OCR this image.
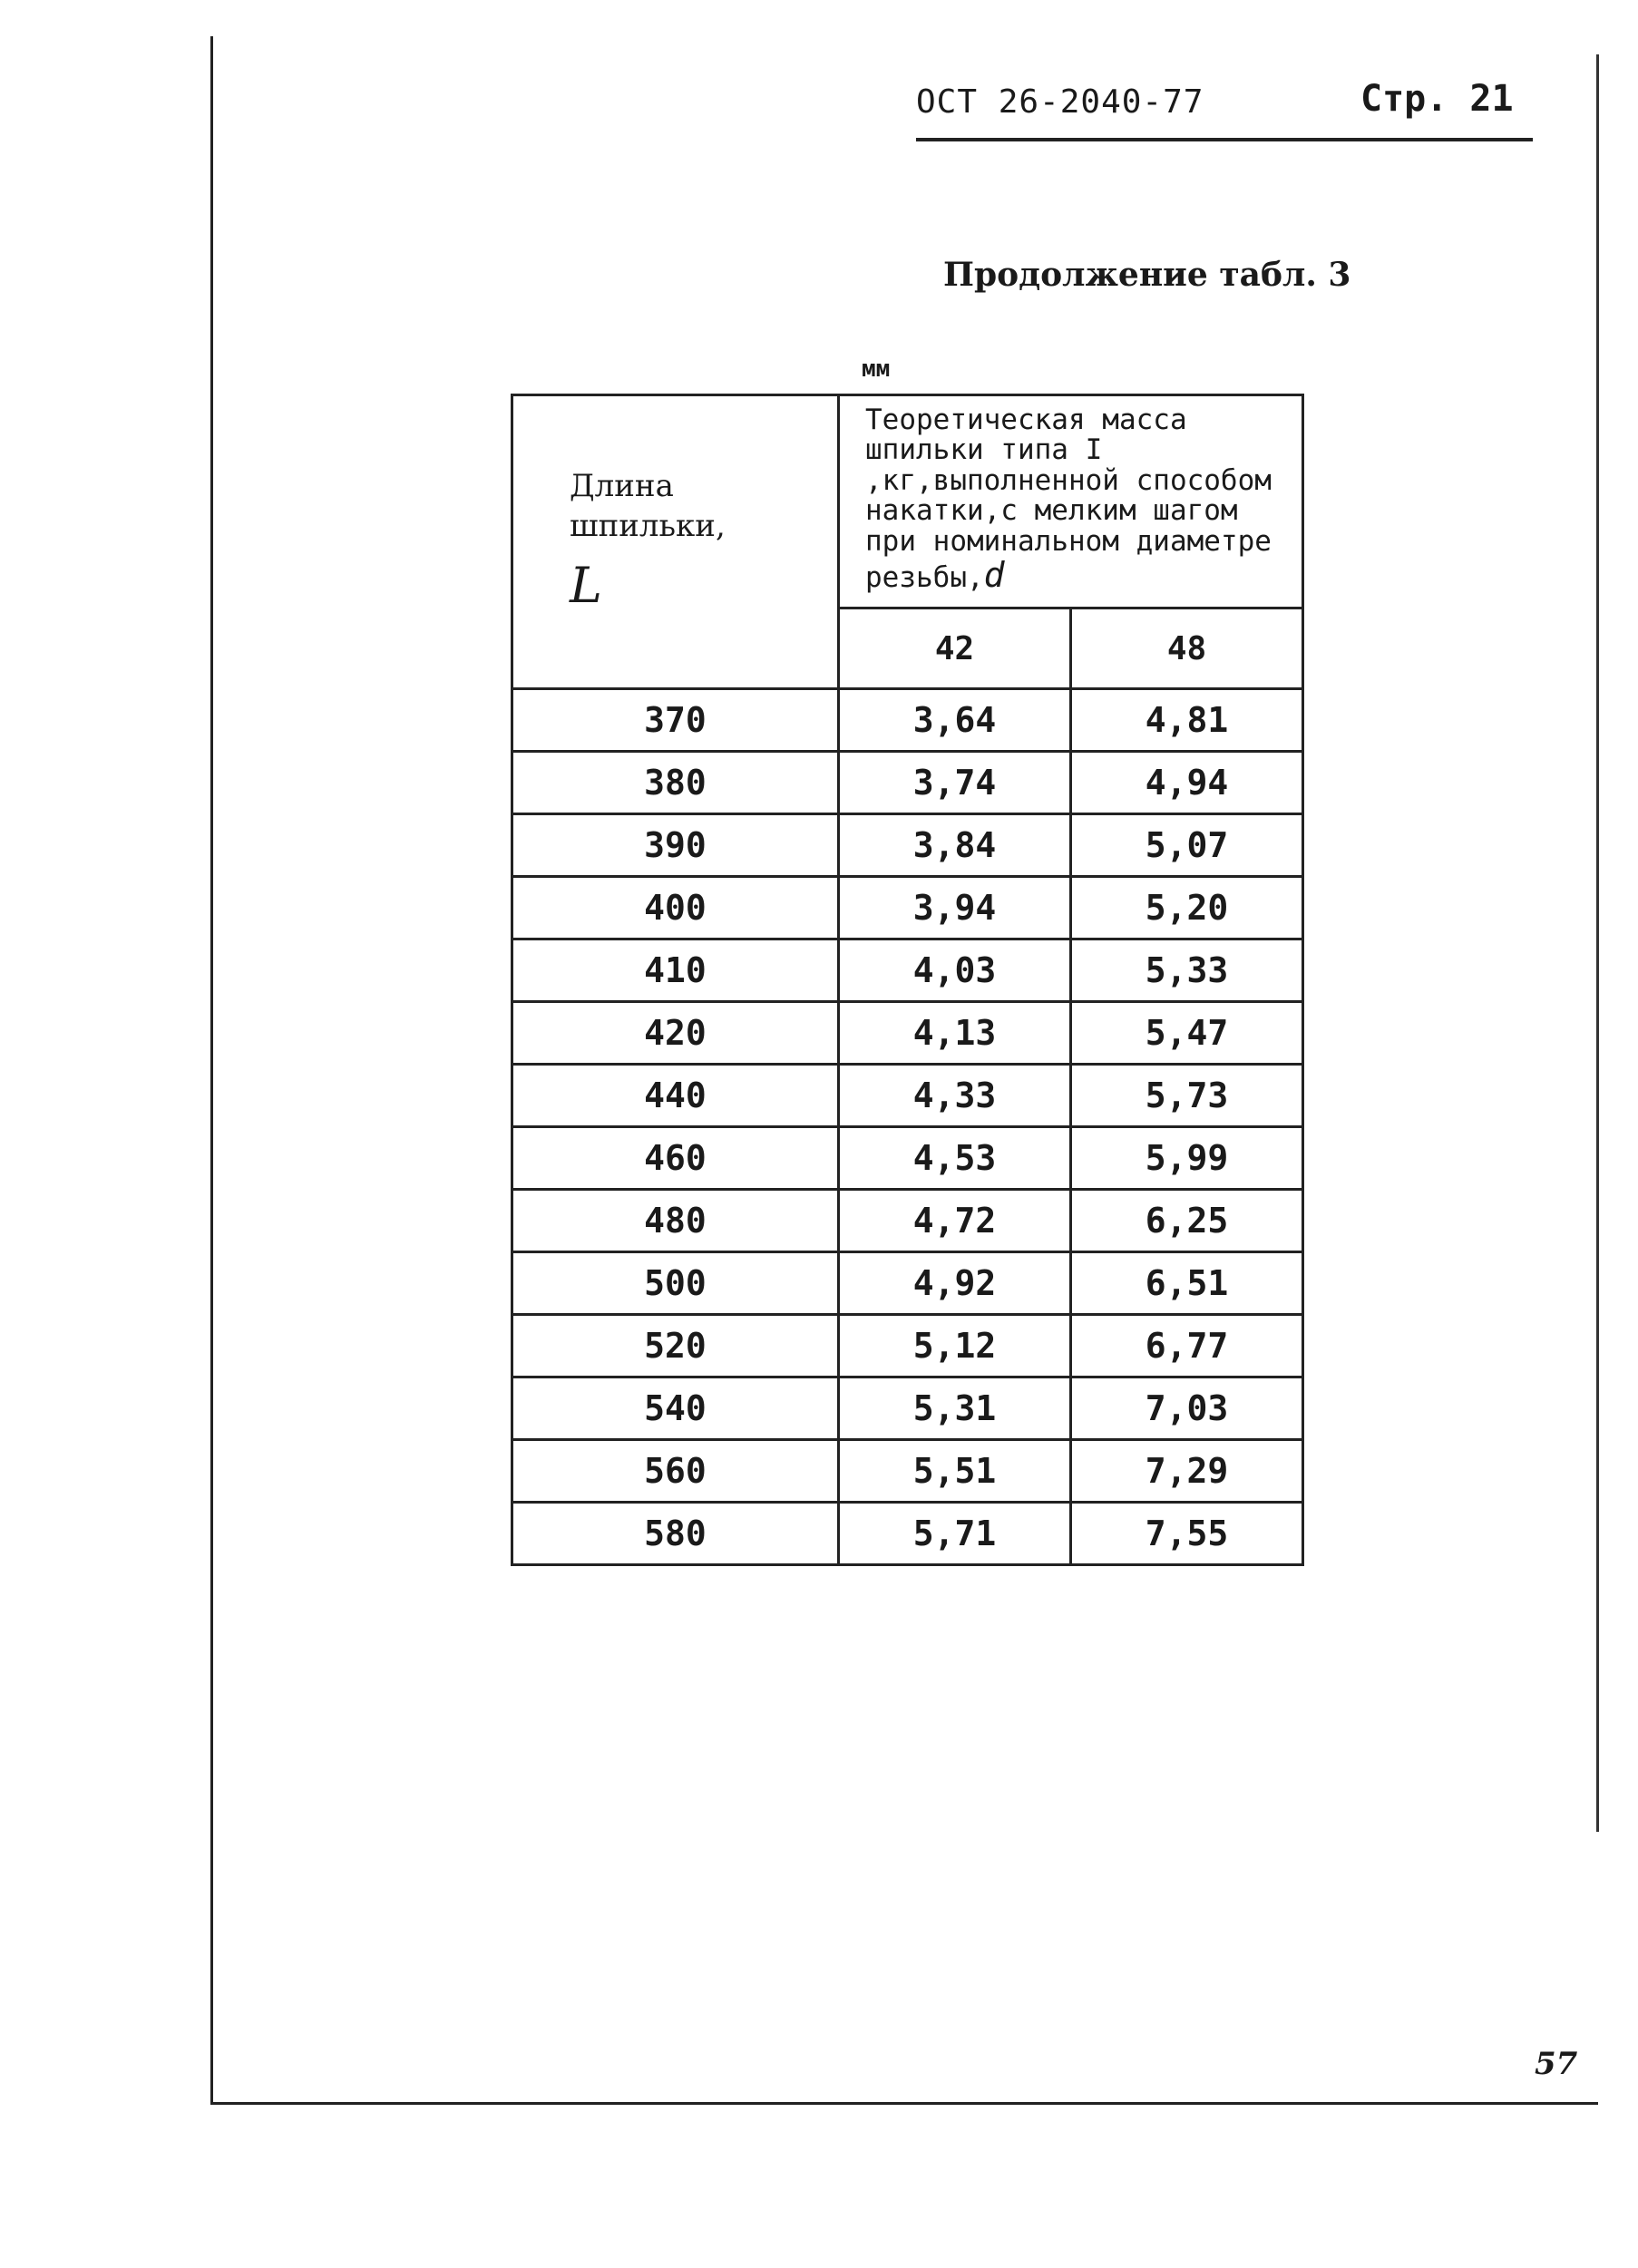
ОСТ 26-2040-77	Стр. 21
Продолжение табл. 3
мм
Длина шпильки,
L	Теоретическая масса шпильки типа I ,кг,выполненной способом накатки,с мелким шагом при номинальном диаметре резьбы,d	
	42	48
370	3,64	4,81
380	3,74	4,94
390	3,84	5,07
400	3,94	5,20
410	4,03	5,33
420	4,13	5,47
440	4,33	5,73
460	4,53	5,99
480	4,72	6,25
500	4,92	6,51
520	5,12	6,77
540	5,31	7,03
560	5,51	7,29
580	5,71	7,55
57
